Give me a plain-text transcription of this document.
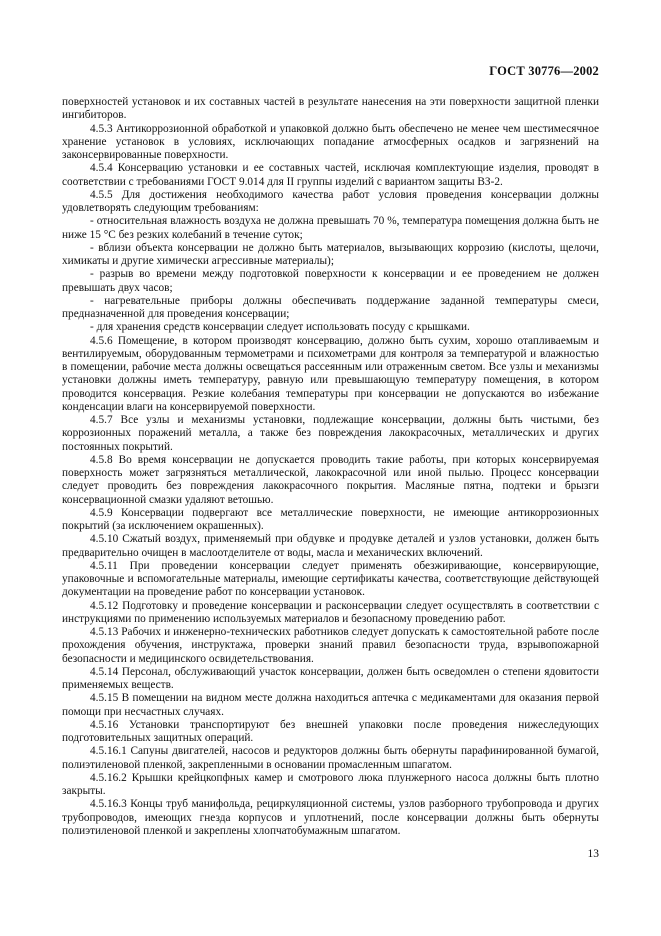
ГОСТ 30776—2002

поверхностей установок и их составных частей в результате нанесения на эти поверхности защитной пленки ингибиторов.

4.5.3 Антикоррозионной обработкой и упаковкой должно быть обеспечено не менее чем шестимесячное хранение установок в условиях, исключающих попадание атмосферных осадков и загрязнений на законсервированные поверхности.

4.5.4 Консервацию установки и ее составных частей, исключая комплектующие изделия, проводят в соответствии с требованиями ГОСТ 9.014 для II группы изделий с вариантом защиты ВЗ-2.

4.5.5 Для достижения необходимого качества работ условия проведения консервации должны удовлетворять следующим требованиям:

- относительная влажность воздуха не должна превышать 70 %, температура помещения должна быть не ниже 15 °С без резких колебаний в течение суток;

- вблизи объекта консервации не должно быть материалов, вызывающих коррозию (кислоты, щелочи, химикаты и другие химически агрессивные материалы);

- разрыв во времени между подготовкой поверхности к консервации и ее проведением не должен превышать двух часов;

- нагревательные приборы должны обеспечивать поддержание заданной температуры смеси, предназначенной для проведения консервации;

- для хранения средств консервации следует использовать посуду с крышками.

4.5.6 Помещение, в котором производят консервацию, должно быть сухим, хорошо отапливаемым и вентилируемым, оборудованным термометрами и психометрами для контроля за температурой и влажностью в помещении, рабочие места должны освещаться рассеянным или отраженным светом. Все узлы и механизмы установки должны иметь температуру, равную или превышающую температуру помещения, в котором проводится консервация. Резкие колебания температуры при консервации не допускаются во избежание конденсации влаги на консервируемой поверхности.

4.5.7 Все узлы и механизмы установки, подлежащие консервации, должны быть чистыми, без коррозионных поражений металла, а также без повреждения лакокрасочных, металлических и других постоянных покрытий.

4.5.8 Во время консервации не допускается проводить такие работы, при которых консервируемая поверхность может загрязняться металлической, лакокрасочной или иной пылью. Процесс консервации следует проводить без повреждения лакокрасочного покрытия. Масляные пятна, подтеки и брызги консервационной смазки удаляют ветошью.

4.5.9 Консервации подвергают все металлические поверхности, не имеющие антикоррозионных покрытий (за исключением окрашенных).

4.5.10 Сжатый воздух, применяемый при обдувке и продувке деталей и узлов установки, должен быть предварительно очищен в маслоотделителе от воды, масла и механических включений.

4.5.11 При проведении консервации следует применять обезжиривающие, консервирующие, упаковочные и вспомогательные материалы, имеющие сертификаты качества, соответствующие действующей документации на проведение работ по консервации установок.

4.5.12 Подготовку и проведение консервации и расконсервации следует осуществлять в соответствии с инструкциями по применению используемых материалов и безопасному проведению работ.

4.5.13 Рабочих и инженерно-технических работников следует допускать к самостоятельной работе после прохождения обучения, инструктажа, проверки знаний правил безопасности труда, взрывопожарной безопасности и медицинского освидетельствования.

4.5.14 Персонал, обслуживающий участок консервации, должен быть осведомлен о степени ядовитости применяемых веществ.

4.5.15 В помещении на видном месте должна находиться аптечка с медикаментами для оказания первой помощи при несчастных случаях.

4.5.16 Установки транспортируют без внешней упаковки после проведения нижеследующих подготовительных защитных операций.

4.5.16.1 Сапуны двигателей, насосов и редукторов должны быть обернуты парафинированной бумагой, полиэтиленовой пленкой, закрепленными в основании промасленным шпагатом.

4.5.16.2 Крышки крейцкопфных камер и смотрового люка плунжерного насоса должны быть плотно закрыты.

4.5.16.3 Концы труб манифольда, рециркуляционной системы, узлов разборного трубопровода и других трубопроводов, имеющих гнезда корпусов и уплотнений, после консервации должны быть обернуты полиэтиленовой пленкой и закреплены хлопчатобумажным шпагатом.

13
